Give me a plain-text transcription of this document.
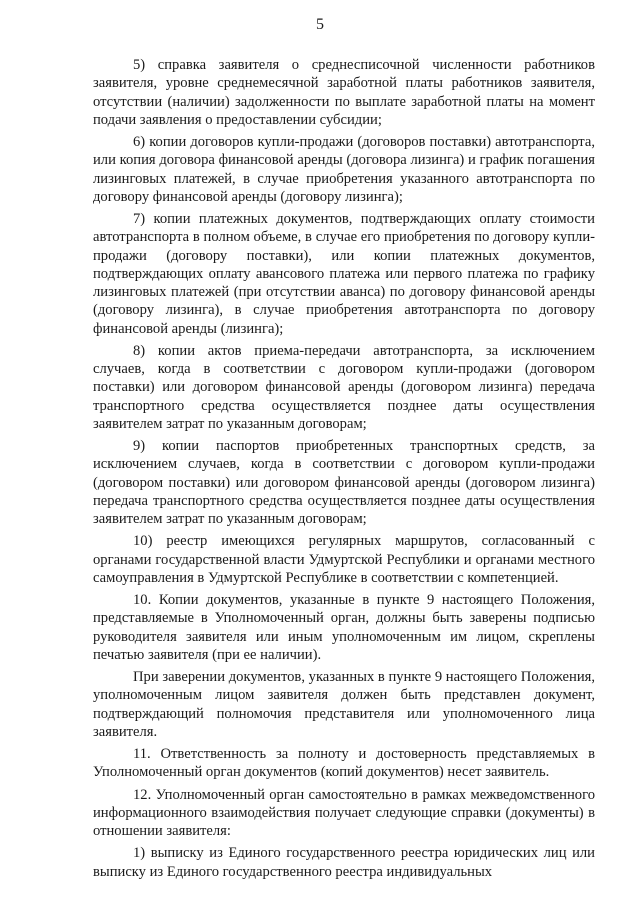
5

5) справка заявителя о среднесписочной численности работников заявителя, уровне среднемесячной заработной платы работников заявителя, отсутствии (наличии) задолженности по выплате заработной платы на момент подачи заявления о предоставлении субсидии;

6) копии договоров купли-продажи (договоров поставки) автотранспорта, или копия договора финансовой аренды (договора лизинга) и график погашения лизинговых платежей, в случае приобретения указанного автотранспорта по договору финансовой аренды (договору лизинга);

7) копии платежных документов, подтверждающих оплату стоимости автотранспорта в полном объеме, в случае его приобретения по договору купли-продажи (договору поставки), или копии платежных документов, подтверждающих оплату авансового платежа или первого платежа по графику лизинговых платежей (при отсутствии аванса) по договору финансовой аренды (договору лизинга), в случае приобретения автотранспорта по договору финансовой аренды (лизинга);

8) копии актов приема-передачи автотранспорта, за исключением случаев, когда в соответствии с договором купли-продажи (договором поставки) или договором финансовой аренды (договором лизинга) передача транспортного средства осуществляется позднее даты осуществления заявителем затрат по указанным договорам;

9) копии паспортов приобретенных транспортных средств, за исключением случаев, когда в соответствии с договором купли-продажи (договором поставки) или договором финансовой аренды (договором лизинга) передача транспортного средства осуществляется позднее даты осуществления заявителем затрат по указанным договорам;

10) реестр имеющихся регулярных маршрутов, согласованный с органами государственной власти Удмуртской Республики и органами местного самоуправления в Удмуртской Республике в соответствии с компетенцией.

10. Копии документов, указанные в пункте 9 настоящего Положения, представляемые в Уполномоченный орган, должны быть заверены подписью руководителя заявителя или иным уполномоченным им лицом, скреплены печатью заявителя (при ее наличии).

При заверении документов, указанных в пункте 9 настоящего Положения, уполномоченным лицом заявителя должен быть представлен документ, подтверждающий полномочия представителя или уполномоченного лица заявителя.

11. Ответственность за полноту и достоверность представляемых в Уполномоченный орган документов (копий документов) несет заявитель.

12. Уполномоченный орган самостоятельно в рамках межведомственного информационного взаимодействия получает следующие справки (документы) в отношении заявителя:

1) выписку из Единого государственного реестра юридических лиц или выписку из Единого государственного реестра индивидуальных
